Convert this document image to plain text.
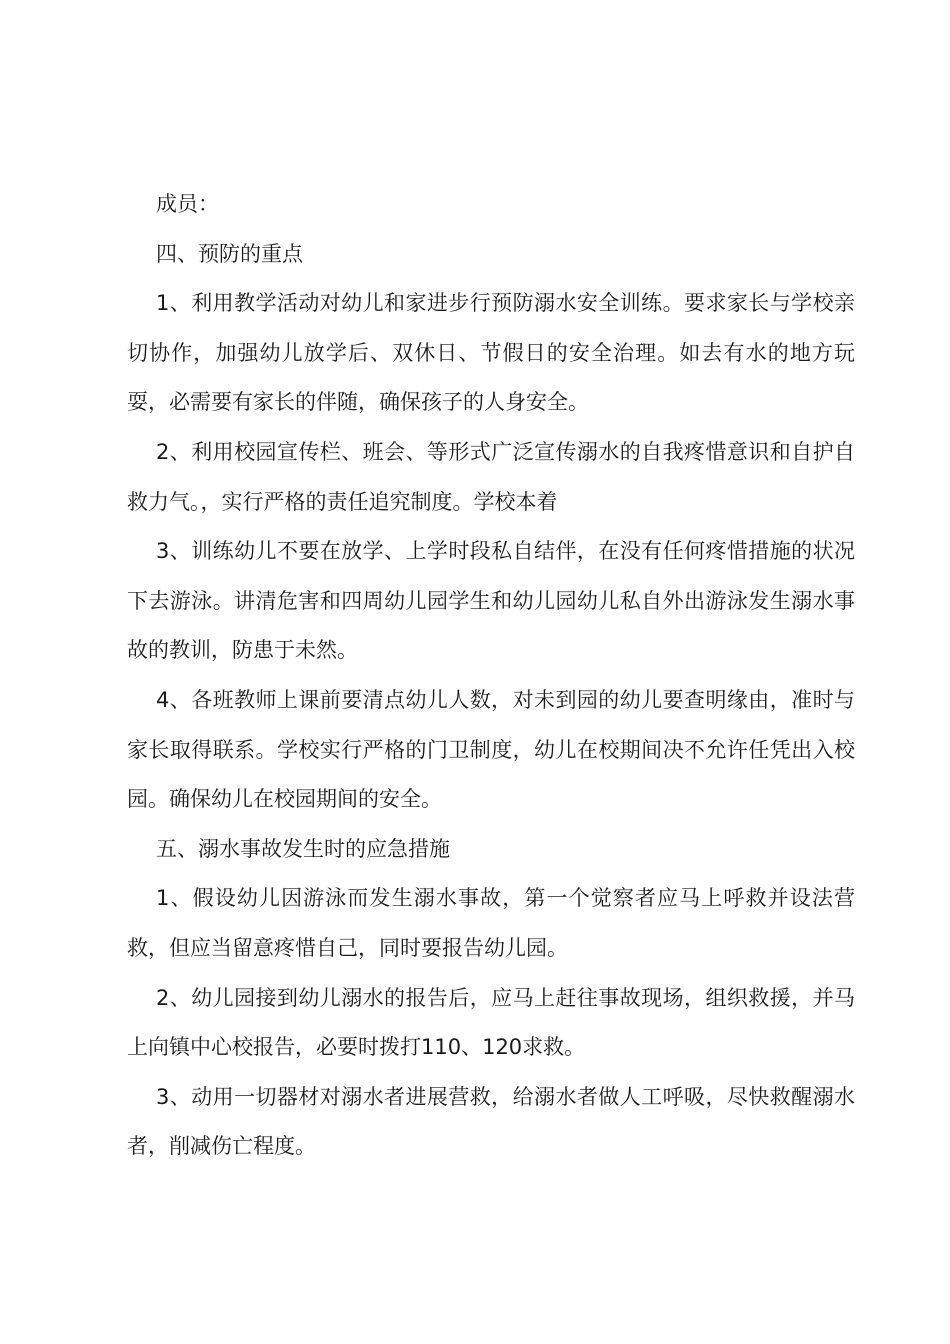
成员：

四、预防的重点

1、利用教学活动对幼儿和家进步行预防溺水安全训练。要求家长与学校亲切协作，加强幼儿放学后、双休日、节假日的安全治理。如去有水的地方玩耍，必需要有家长的伴随，确保孩子的人身安全。

2、利用校园宣传栏、班会、等形式广泛宣传溺水的自我疼惜意识和自护自救力气。，实行严格的责任追究制度。学校本着

3、训练幼儿不要在放学、上学时段私自结伴，在没有任何疼惜措施的状况下去游泳。讲清危害和四周幼儿园学生和幼儿园幼儿私自外出游泳发生溺水事故的教训，防患于未然。

4、各班教师上课前要清点幼儿人数，对未到园的幼儿要查明缘由，准时与家长取得联系。学校实行严格的门卫制度，幼儿在校期间决不允许任凭出入校园。确保幼儿在校园期间的安全。

五、溺水事故发生时的应急措施

1、假设幼儿因游泳而发生溺水事故，第一个觉察者应马上呼救并设法营救，但应当留意疼惜自己，同时要报告幼儿园。

2、幼儿园接到幼儿溺水的报告后，应马上赶往事故现场，组织救援，并马上向镇中心校报告，必要时拨打110、120求救。

3、动用一切器材对溺水者进展营救，给溺水者做人工呼吸，尽快救醒溺水者，削减伤亡程度。
